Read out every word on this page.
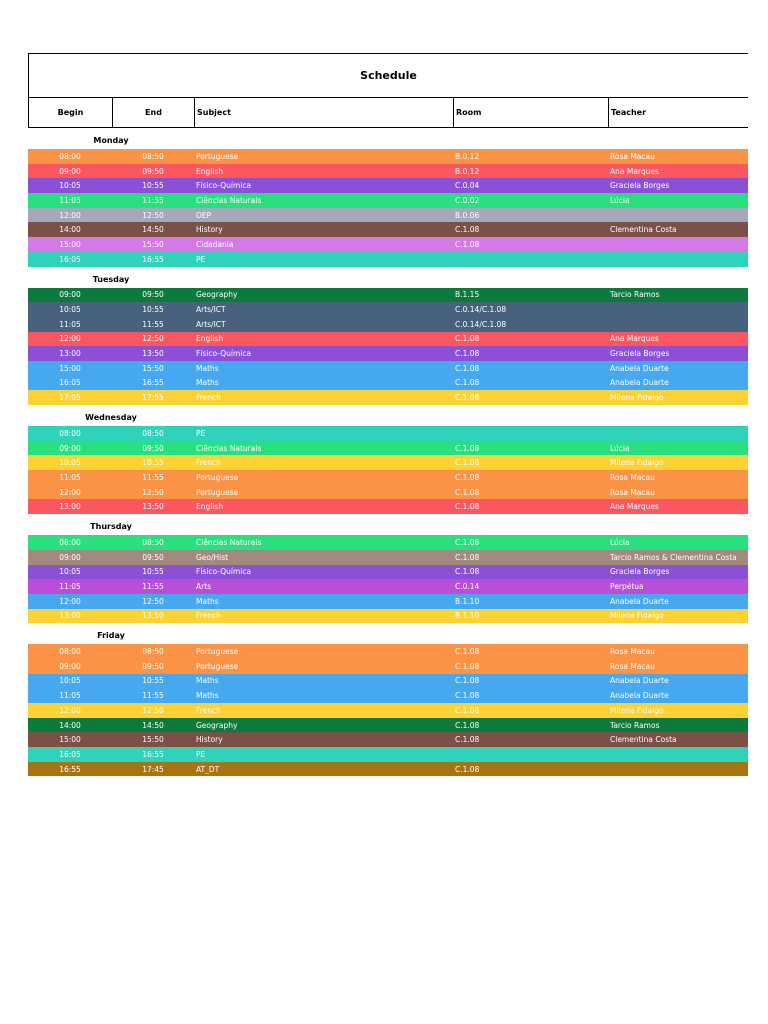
Schedule
Begin	End	Subject	Room	Teacher
Monday
08:00	08:50	Portuguese	B.0.12	Rosa Macau
09:00	09:50	English	B.0.12	Ana Marques
10:05	10:55	Físico-Química	C.0.04	Graciela Borges
11:05	11:55	Ciências Naturais	C.0.02	Lúcia
12:00	12:50	OEP	B.0.06
14:00	14:50	History	C.1.08	Clementina Costa
15:00	15:50	Cidadania	C.1.08
16:05	16:55	PE
Tuesday
09:00	09:50	Geography	B.1.15	Tarcio Ramos
10:05	10:55	Arts/ICT	C.0.14/C.1.08
11:05	11:55	Arts/ICT	C.0.14/C.1.08
12:00	12:50	English	C.1.08	Ana Marques
13:00	13:50	Físico-Química	C.1.08	Graciela Borges
15:00	15:50	Maths	C.1.08	Anabela Duarte
16:05	16:55	Maths	C.1.08	Anabela Duarte
17:05	17:55	French	C.1.08	Milena Fidalgo
Wednesday
08:00	08:50	PE
09:00	09:50	Ciências Naturais	C.1.08	Lúcia
10:05	10:55	French	C.1.08	Milena Fidalgo
11:05	11:55	Portuguese	C.1.08	Rosa Macau
12:00	12:50	Portuguese	C.1.08	Rosa Macau
13:00	13:50	English	C.1.08	Ana Marques
Thursday
08:00	08:50	Ciências Naturais	C.1.08	Lúcia
09:00	09:50	Geo/Hist	C.1.08	Tarcio Ramos & Clementina Costa
10:05	10:55	Físico-Química	C.1.08	Graciela Borges
11:05	11:55	Arts	C.0.14	Perpétua
12:00	12:50	Maths	B.1.10	Anabela Duarte
13:00	13:50	French	B.1.10	Milena Fidalgo
Friday
08:00	08:50	Portuguese	C.1.08	Rosa Macau
09:00	09:50	Portuguese	C.1.08	Rosa Macau
10:05	10:55	Maths	C.1.08	Anabela Duarte
11:05	11:55	Maths	C.1.08	Anabela Duarte
12:00	12:50	French	C.1.08	Milena Fidalgo
14:00	14:50	Geography	C.1.08	Tarcio Ramos
15:00	15:50	History	C.1.08	Clementina Costa
16:05	16:55	PE
16:55	17:45	AT_DT	C.1.08
